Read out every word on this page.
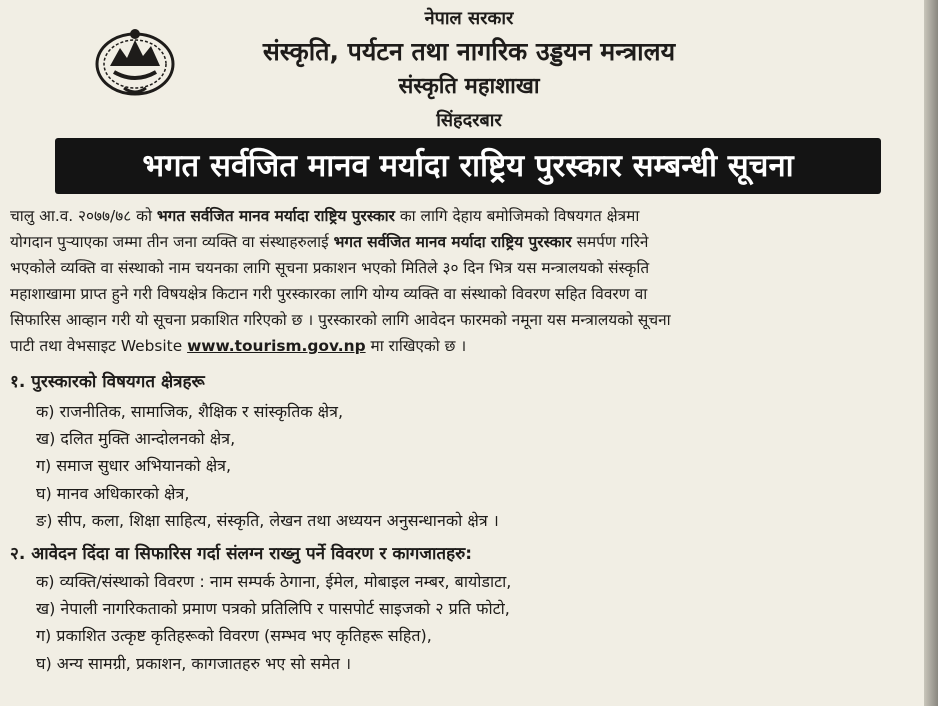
नेपाल सरकार
संस्कृति, पर्यटन तथा नागरिक उड्डयन मन्त्रालय
संस्कृति महाशाखा
सिंहदरबार
भगत सर्वजित मानव मर्यादा राष्ट्रिय पुरस्कार सम्बन्धी सूचना
चालु आ.व. २०७७/७८ को भगत सर्वजित मानव मर्यादा राष्ट्रिय पुरस्कार का लागि देहाय बमोजिमको विषयगत क्षेत्रमा
योगदान पुऱ्याएका जम्मा तीन जना व्यक्ति वा संस्थाहरुलाई भगत सर्वजित मानव मर्यादा राष्ट्रिय पुरस्कार समर्पण गरिने
भएकोले व्यक्ति वा संस्थाको नाम चयनका लागि सूचना प्रकाशन भएको मितिले ३० दिन भित्र यस मन्त्रालयको संस्कृति
महाशाखामा प्राप्त हुने गरी विषयक्षेत्र किटान गरी पुरस्कारका लागि योग्य व्यक्ति वा संस्थाको विवरण सहित विवरण वा
सिफारिस आव्हान गरी यो सूचना प्रकाशित गरिएको छ । पुरस्कारको लागि आवेदन फारमको नमूना यस मन्त्रालयको सूचना
पाटी तथा वेभसाइट Website www.tourism.gov.np मा राखिएको छ ।
१. पुरस्कारको विषयगत क्षेत्रहरू
क) राजनीतिक, सामाजिक, शैक्षिक र सांस्कृतिक क्षेत्र,
ख) दलित मुक्ति आन्दोलनको क्षेत्र,
ग) समाज सुधार अभियानको क्षेत्र,
घ) मानव अधिकारको क्षेत्र,
ङ) सीप, कला, शिक्षा साहित्य, संस्कृति, लेखन तथा अध्ययन अनुसन्धानको क्षेत्र ।
२. आवेदन दिंदा वा सिफारिस गर्दा संलग्न राख्नु पर्ने विवरण र कागजातहरु:
क) व्यक्ति/संस्थाको विवरण : नाम सम्पर्क ठेगाना, ईमेल, मोबाइल नम्बर, बायोडाटा,
ख) नेपाली नागरिकताको प्रमाण पत्रको प्रतिलिपि र पासपोर्ट साइजको २ प्रति फोटो,
ग) प्रकाशित उत्कृष्ट कृतिहरूको विवरण (सम्भव भए कृतिहरू सहित),
घ) अन्य सामग्री, प्रकाशन, कागजातहरु भए सो समेत ।
